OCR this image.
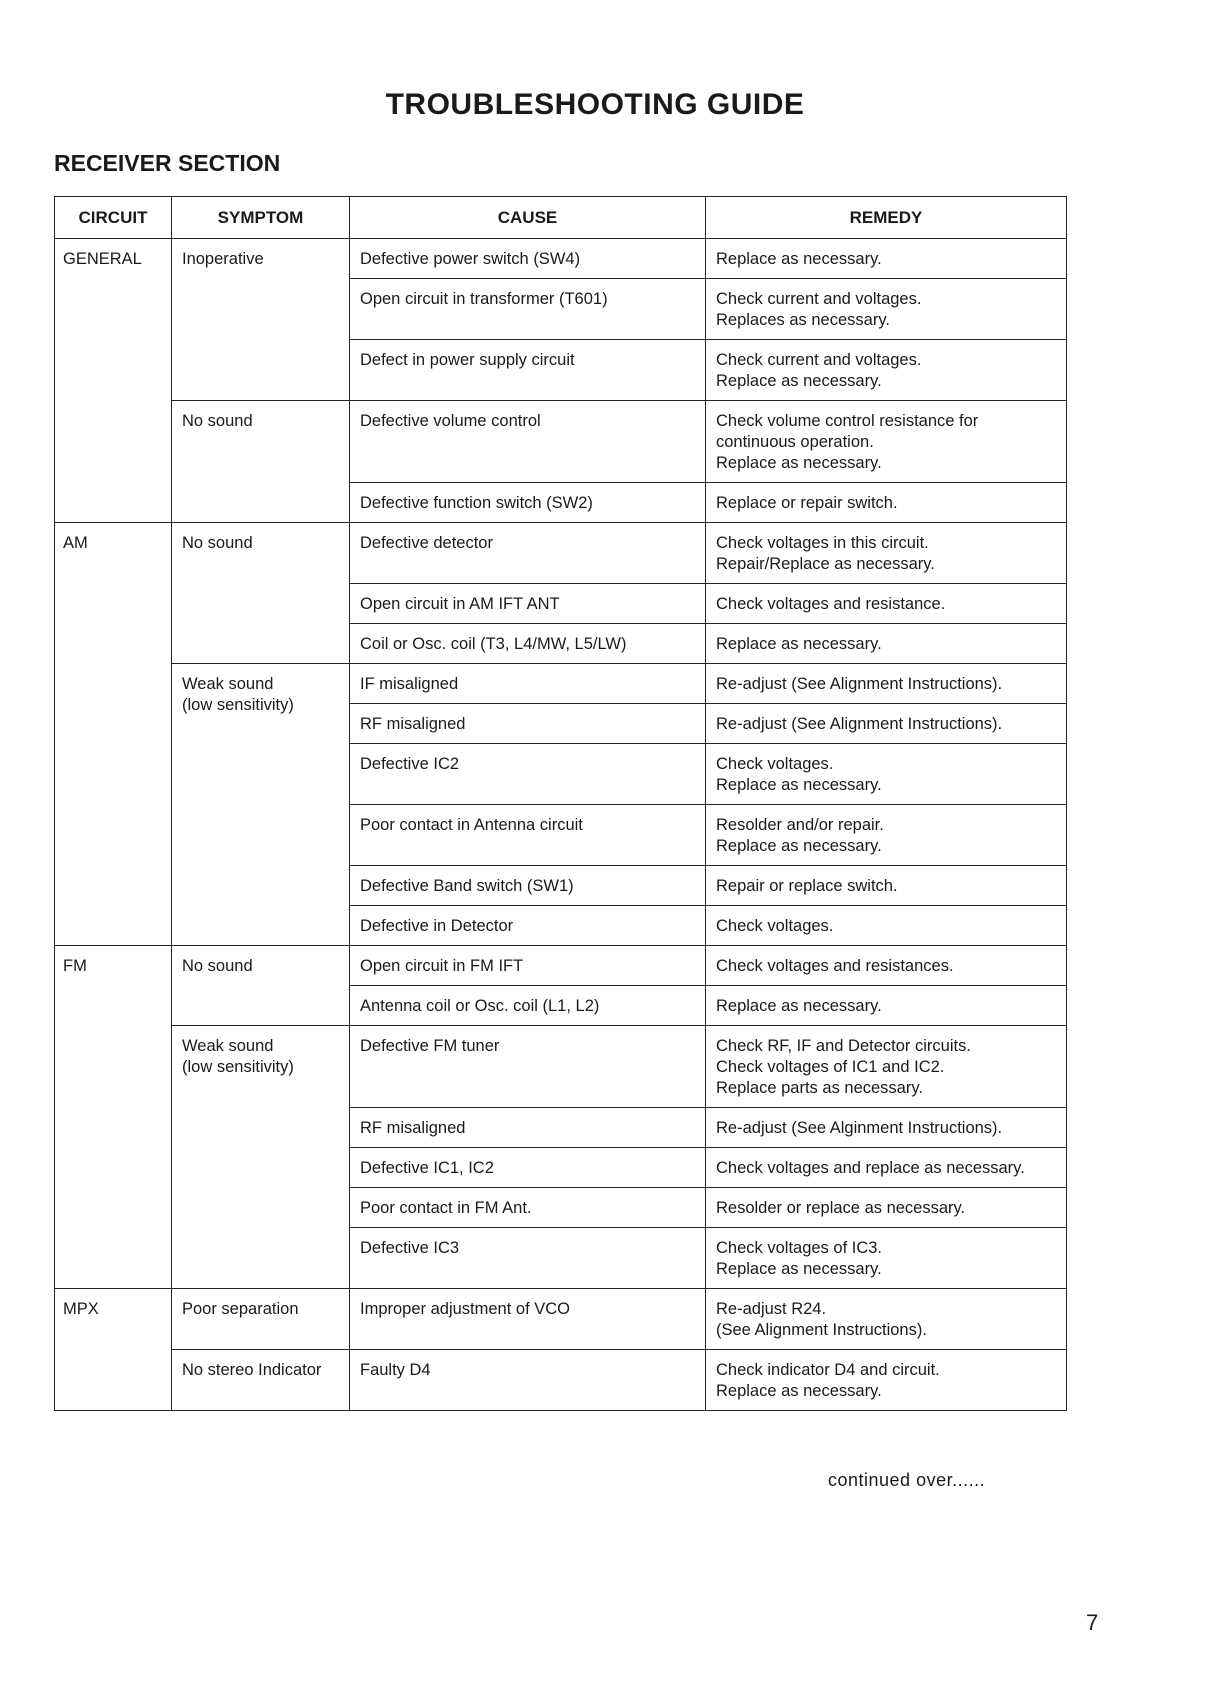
TROUBLESHOOTING GUIDE
RECEIVER SECTION
CIRCUIT	SYMPTOM	CAUSE	REMEDY
GENERAL	Inoperative	Defective power switch (SW4)	Replace as necessary.

		Open circuit in transformer (T601)	Check current and voltages.
Replaces as necessary.

		Defect in power supply circuit	Check current and voltages.
Replace as necessary.

	No sound	Defective volume control	Check volume control resistance for
continuous operation.
Replace as necessary.

		Defective function switch (SW2)	Replace or repair switch.

AM	No sound	Defective detector	Check voltages in this circuit.
Repair/Replace as necessary.

		Open circuit in AM IFT ANT	Check voltages and resistance.

		Coil or Osc. coil (T3, L4/MW, L5/LW)	Replace as necessary.

	Weak sound
(low sensitivity)	IF misaligned	Re-adjust (See Alignment Instructions).

		RF misaligned	Re-adjust (See Alignment Instructions).

		Defective IC2	Check voltages.
Replace as necessary.

		Poor contact in Antenna circuit	Resolder and/or repair.
Replace as necessary.

		Defective Band switch (SW1)	Repair or replace switch.

		Defective in Detector	Check voltages.

FM	No sound	Open circuit in FM IFT	Check voltages and resistances.

		Antenna coil or Osc. coil (L1, L2)	Replace as necessary.

	Weak sound
(low sensitivity)	Defective FM tuner	Check RF, IF and Detector circuits.
Check voltages of IC1 and IC2.
Replace parts as necessary.

		RF misaligned	Re-adjust (See Alginment Instructions).

		Defective IC1, IC2	Check voltages and replace as necessary.

		Poor contact in FM Ant.	Resolder or replace as necessary.

		Defective IC3	Check voltages of IC3.
Replace as necessary.

MPX	Poor separation	Improper adjustment of VCO	Re-adjust R24.
(See Alignment Instructions).

	No stereo Indicator	Faulty D4	Check indicator D4 and circuit.
Replace as necessary.
continued over......
7
